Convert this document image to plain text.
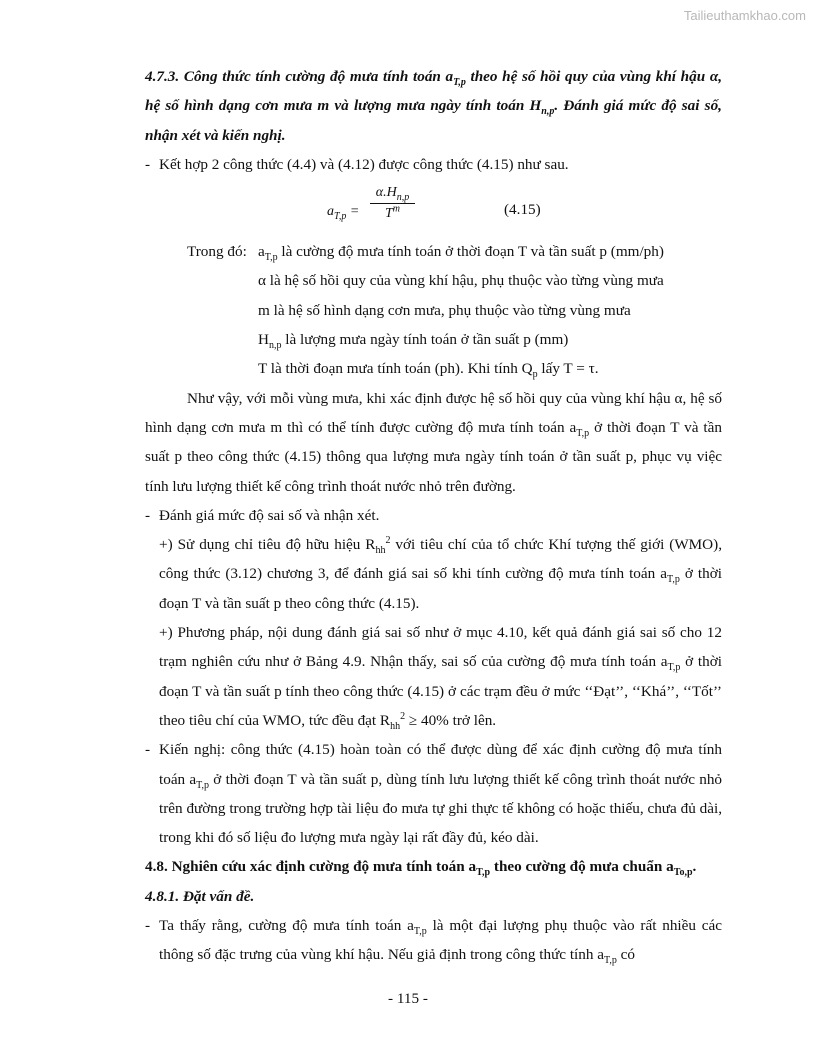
Tailieuthamkhao.com

4.7.3. Công thức tính cường độ mưa tính toán $a_{T,p}$ theo hệ số hồi quy của vùng khí hậu α, hệ số hình dạng cơn mưa m và lượng mưa ngày tính toán $H_{n,p}$. Đánh giá mức độ sai số, nhận xét và kiến nghị.

- Kết hợp 2 công thức (4.4) và (4.12) được công thức (4.15) như sau.

$a_{T,p}$ =
$\alpha.H_{n,p}$
$T^m$	(4.15)
Trong đó: $a_{T,p}$ là cường độ mưa tính toán ở thời đoạn T và tần suất p (mm/ph)

α là hệ số hồi quy của vùng khí hậu, phụ thuộc vào từng vùng mưa

m là hệ số hình dạng cơn mưa, phụ thuộc vào từng vùng mưa

$H_{n,p}$ là lượng mưa ngày tính toán ở tần suất p (mm)

T là thời đoạn mưa tính toán (ph). Khi tính $Q_p$ lấy T = τ.

Như vậy, với mỗi vùng mưa, khi xác định được hệ số hồi quy của vùng khí hậu α, hệ số hình dạng cơn mưa m thì có thể tính được cường độ mưa tính toán $a_{T,p}$ ở thời đoạn T và tần suất p theo công thức (4.15) thông qua lượng mưa ngày tính toán ở tần suất p, phục vụ việc tính lưu lượng thiết kế công trình thoát nước nhỏ trên đường.

- Đánh giá mức độ sai số và nhận xét.

+) Sử dụng chỉ tiêu độ hữu hiệu $R_{hh}^2$ với tiêu chí của tổ chức Khí tượng thế giới (WMO), công thức (3.12) chương 3, để đánh giá sai số khi tính cường độ mưa tính toán $a_{T,p}$ ở thời đoạn T và tần suất p theo công thức (4.15).

+) Phương pháp, nội dung đánh giá sai số như ở mục 4.10, kết quả đánh giá sai số cho 12 trạm nghiên cứu như ở Bảng 4.9. Nhận thấy, sai số của cường độ mưa tính toán $a_{T,p}$ ở thời đoạn T và tần suất p tính theo công thức (4.15) ở các trạm đều ở mức ‘‘Đạt’’, ‘‘Khá’’, ‘‘Tốt’’ theo tiêu chí của WMO, tức đều đạt $R_{hh}^2 \ge 40\%$ trở lên.

- Kiến nghị: công thức (4.15) hoàn toàn có thể được dùng để xác định cường độ mưa tính toán $a_{T,p}$ ở thời đoạn T và tần suất p, dùng tính lưu lượng thiết kế công trình thoát nước nhỏ trên đường trong trường hợp tài liệu đo mưa tự ghi thực tế không có hoặc thiếu, chưa đủ dài, trong khi đó số liệu đo lượng mưa ngày lại rất đầy đủ, kéo dài.

4.8. Nghiên cứu xác định cường độ mưa tính toán $a_{T,p}$ theo cường độ mưa chuẩn $a_{To,p}$.

4.8.1. Đặt vấn đề.

- Ta thấy rằng, cường độ mưa tính toán $a_{T,p}$ là một đại lượng phụ thuộc vào rất nhiều các thông số đặc trưng của vùng khí hậu. Nếu giả định trong công thức tính $a_{T,p}$ có

- 115 -
